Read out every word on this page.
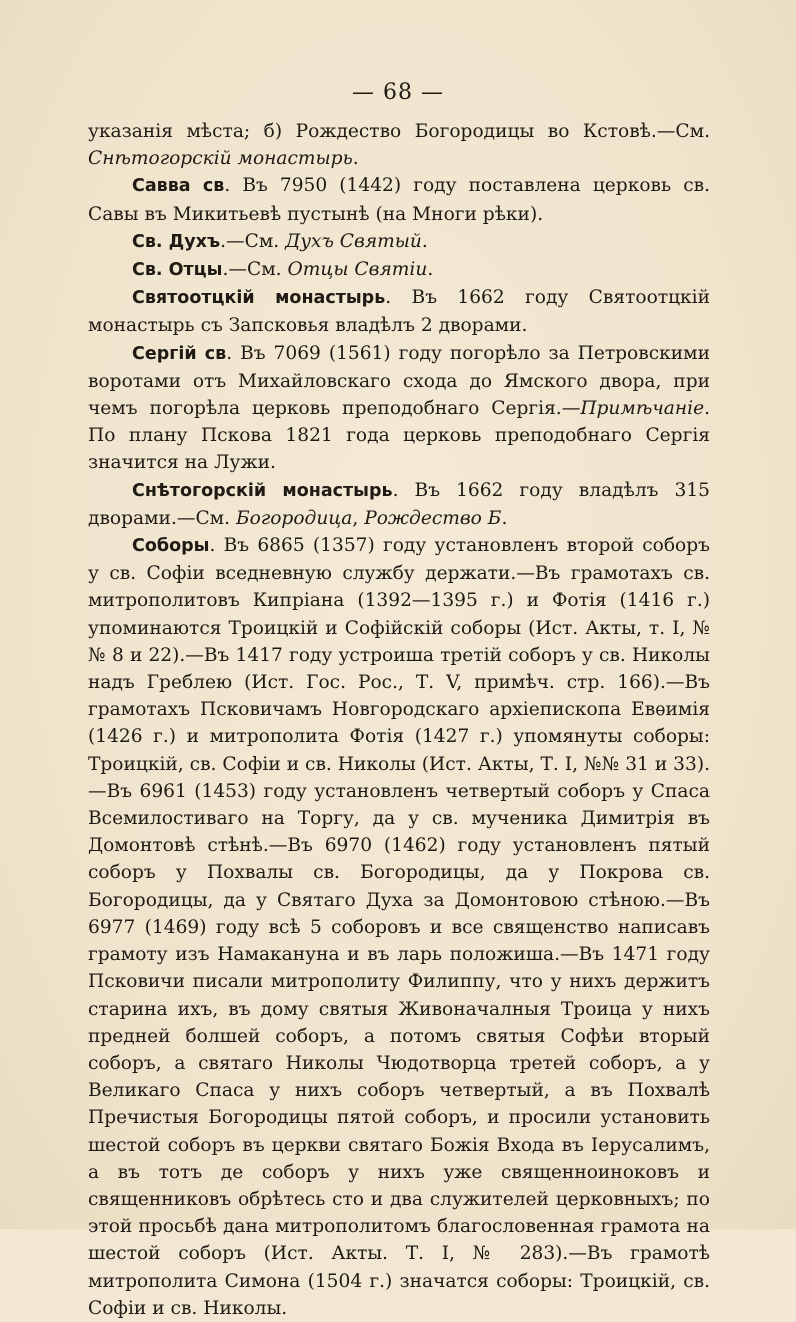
— 68 —

указанія мѣста; б) Рождество Богородицы во Кстовѣ.—См. Снѣтогорскій монастырь.

Савва св. Въ 7950 (1442) году поставлена церковь св. Савы въ Микитьевѣ пустынѣ (на Многи рѣки).

Св. Духъ.—См. Духъ Святый.

Св. Отцы.—См. Отцы Святіи.

Святоотцкій монастырь. Въ 1662 году Святоотцкій монастырь съ Запсковья владѣлъ 2 дворами.

Сергій св. Въ 7069 (1561) году погорѣло за Петровскими воротами отъ Михайловскаго схода до Ямского двора, при чемъ погорѣла церковь преподобнаго Сергія.—Примѣчаніе. По плану Пскова 1821 года церковь преподобнаго Сергія значится на Лужи.

Снѣтогорскій монастырь. Въ 1662 году владѣлъ 315 дворами.—См. Богородица, Рождество Б.

Соборы. Въ 6865 (1357) году установленъ второй соборъ у св. Софіи вседневную службу держати.—Въ грамотахъ св. митрополитовъ Кипріана (1392—1395 г.) и Фотія (1416 г.) упоминаются Троицкій и Софійскій соборы (Ист. Акты, т. I, №№ 8 и 22).—Въ 1417 году устроиша третій соборъ у св. Николы надъ Греблею (Ист. Гос. Рос., Т. V, примѣч. стр. 166).—Въ грамотахъ Псковичамъ Новгородскаго архіепископа Евѳимія (1426 г.) и митрополита Фотія (1427 г.) упомянуты соборы: Троицкій, св. Софіи и св. Николы (Ист. Акты, Т. I, №№ 31 и 33).—Въ 6961 (1453) году установленъ четвертый соборъ у Спаса Всемилостиваго на Торгу, да у св. мученика Димитрія въ Домонтовѣ стѣнѣ.—Въ 6970 (1462) году установленъ пятый соборъ у Похвалы св. Богородицы, да у Покрова св. Богородицы, да у Святаго Духа за Домонтовою стѣною.—Въ 6977 (1469) году всѣ 5 соборовъ и все священство написавъ грамоту изъ Намакануна и въ ларь положиша.—Въ 1471 году Псковичи писали митрополиту Филиппу, что у нихъ держитъ старина ихъ, въ дому святыя Живоначалныя Троица у нихъ предней болшей соборъ, а потомъ святыя Софѣи вторый соборъ, а святаго Николы Чюдотворца третей соборъ, а у Великаго Спаса у нихъ соборъ четвертый, а въ Похвалѣ Пречистыя Богородицы пятой соборъ, и просили установить шестой соборъ въ церкви святаго Божія Входа въ Іерусалимъ, а въ тотъ де соборъ у нихъ уже священноиноковъ и священниковъ обрѣтесь сто и два служителей церковныхъ; по этой просьбѣ дана митрополитомъ благословенная грамота на шестой соборъ (Ист. Акты. Т. I, № 283).—Въ грамотѣ митрополита Симона (1504 г.) значатся соборы: Троицкій, св. Софіи и св. Николы.
